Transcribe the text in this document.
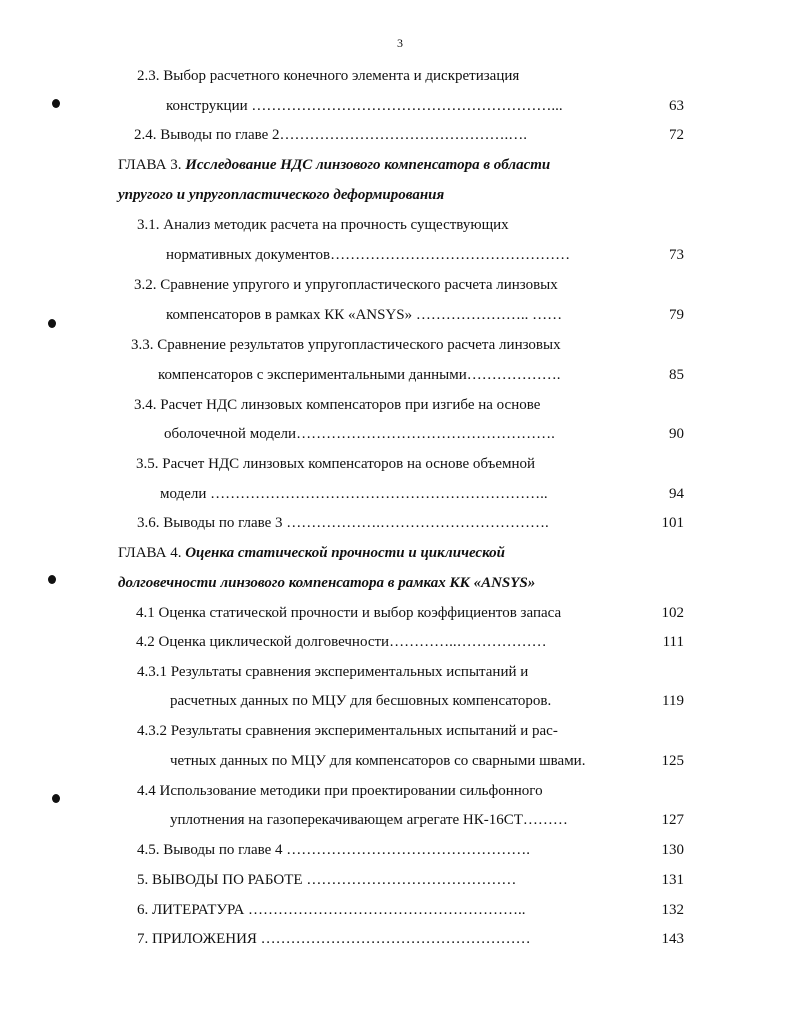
3
2.3. Выбор расчетного конечного элемента и дискретизация
конструкции ……………………………………………………...	63
2.4. Выводы по главе 2……………………………………….….	72
ГЛАВА 3. Исследование НДС линзового компенсатора в области
упругого и упругопластического деформирования
3.1. Анализ методик расчета на прочность существующих
нормативных документов…………………………………………	73
3.2. Сравнение упругого и упругопластического расчета линзовых
компенсаторов в рамках КК «ANSYS» ………………….. ……	79
3.3. Сравнение результатов упругопластического расчета линзовых
компенсаторов с экспериментальными данными……………….	85
3.4. Расчет НДС линзовых компенсаторов при изгибе на основе
оболочечной модели…………………………………………….	90
3.5. Расчет НДС линзовых компенсаторов на основе объемной
модели …………………………………………………………..	94
3.6. Выводы по главе 3 ……………….…………………………….	101
ГЛАВА 4. Оценка статической прочности и циклической
долговечности линзового компенсатора в рамках КК «ANSYS»
4.1 Оценка статической прочности и выбор коэффициентов запаса	102
4.2 Оценка циклической долговечности…………..………………	111
4.3.1 Результаты сравнения экспериментальных испытаний и
расчетных данных по МЦУ для бесшовных компенсаторов.	119
4.3.2 Результаты сравнения экспериментальных испытаний и рас-
четных данных по МЦУ для компенсаторов со сварными швами.	125
4.4 Использование методики при проектировании сильфонного
уплотнения на газоперекачивающем агрегате НК-16СТ………	127
4.5. Выводы по главе 4 ………………………………………….	130
5. ВЫВОДЫ ПО РАБОТЕ ……………………………………	131
6. ЛИТЕРАТУРА ………………………………………………..	132
7. ПРИЛОЖЕНИЯ ………………………………………………	143
